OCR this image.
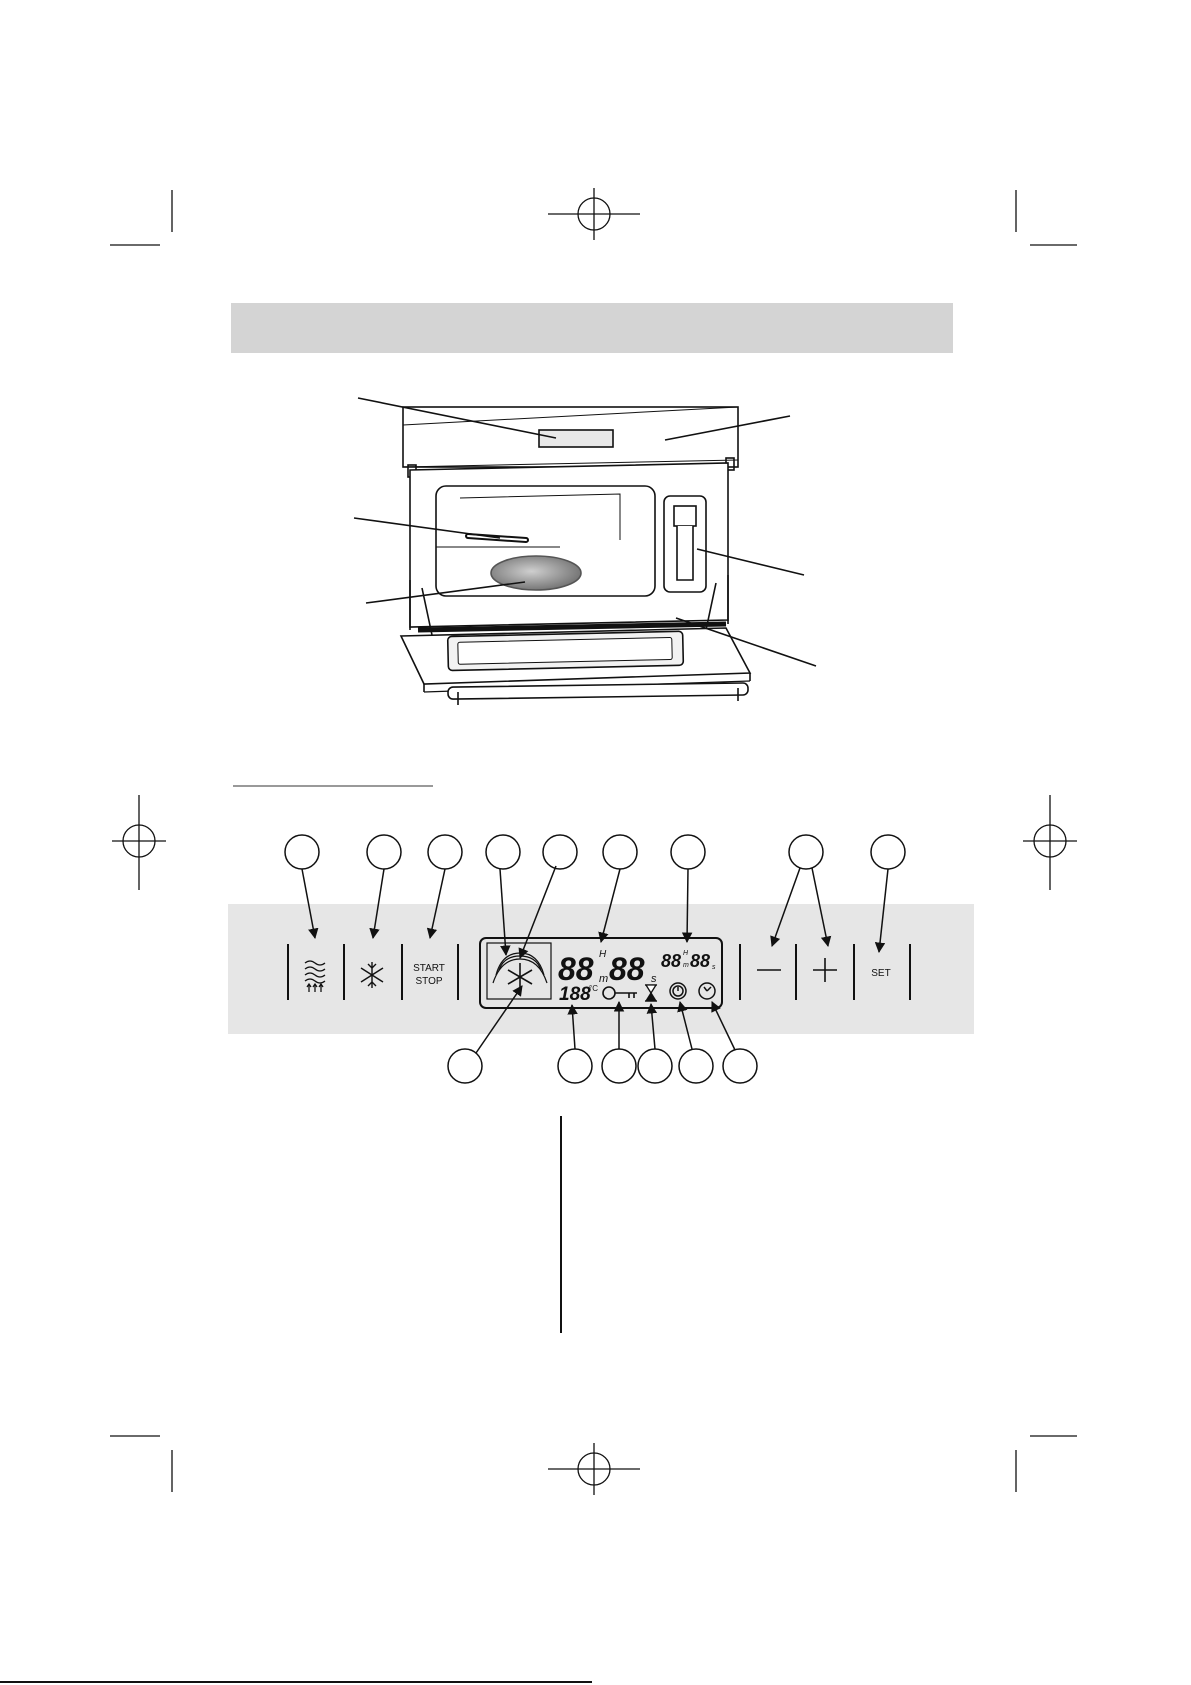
START
STOP	88 H
m 88 s
88 H
m 88 s
188
°C
SET
